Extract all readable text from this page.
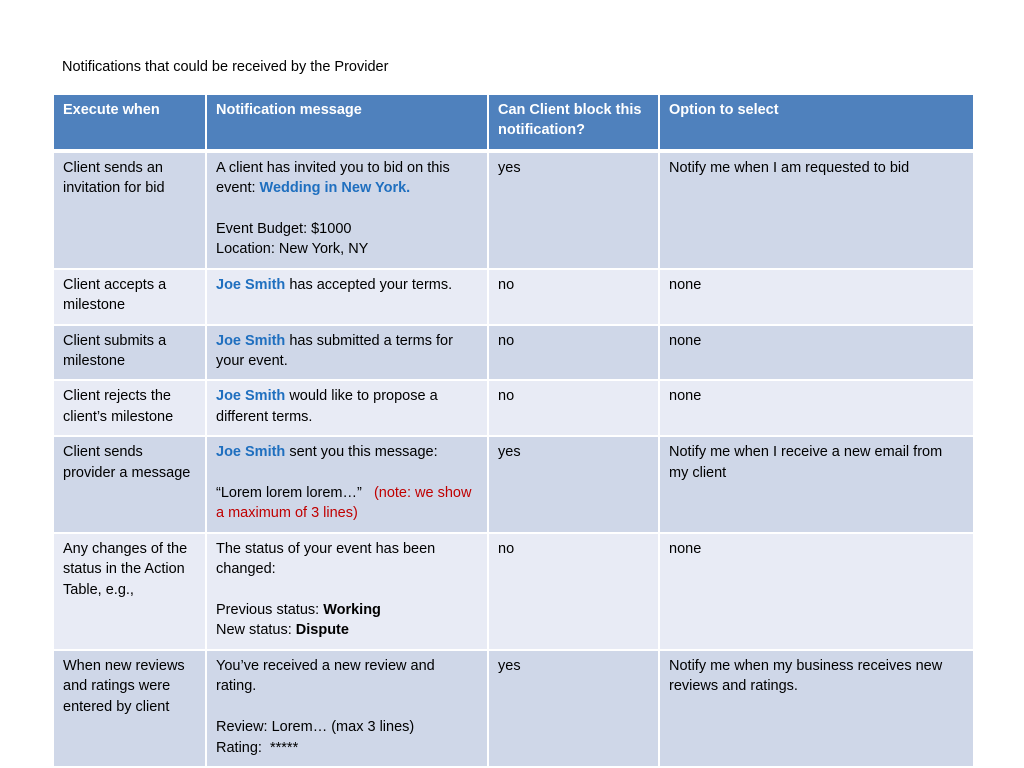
Notifications that could be received by the Provider
Execute when	Notification message	Can Client block this notification?	Option to select
Client sends an invitation for bid	A client has invited you to bid on this event: Wedding in New York.
Event Budget: $1000
Location: New York, NY	yes	Notify me when I am requested to bid
Client accepts a milestone	Joe Smith has accepted your terms.	no	none
Client submits a milestone	Joe Smith has submitted a terms for your event.	no	none
Client rejects the client’s milestone	Joe Smith would like to propose a different terms.	no	none
Client sends provider a message	Joe Smith sent you this message:
“Lorem lorem lorem…” (note: we show a maximum of 3 lines)	yes	Notify me when I receive a new email from my client
Any changes of the status in the Action Table, e.g.,	The status of your event has been changed:
Previous status: Working
New status: Dispute	no	none
When new reviews and ratings were entered by client	You’ve received a new review and rating.
Review: Lorem… (max 3 lines)
Rating:  *****	yes	Notify me when my business receives new reviews and ratings.
